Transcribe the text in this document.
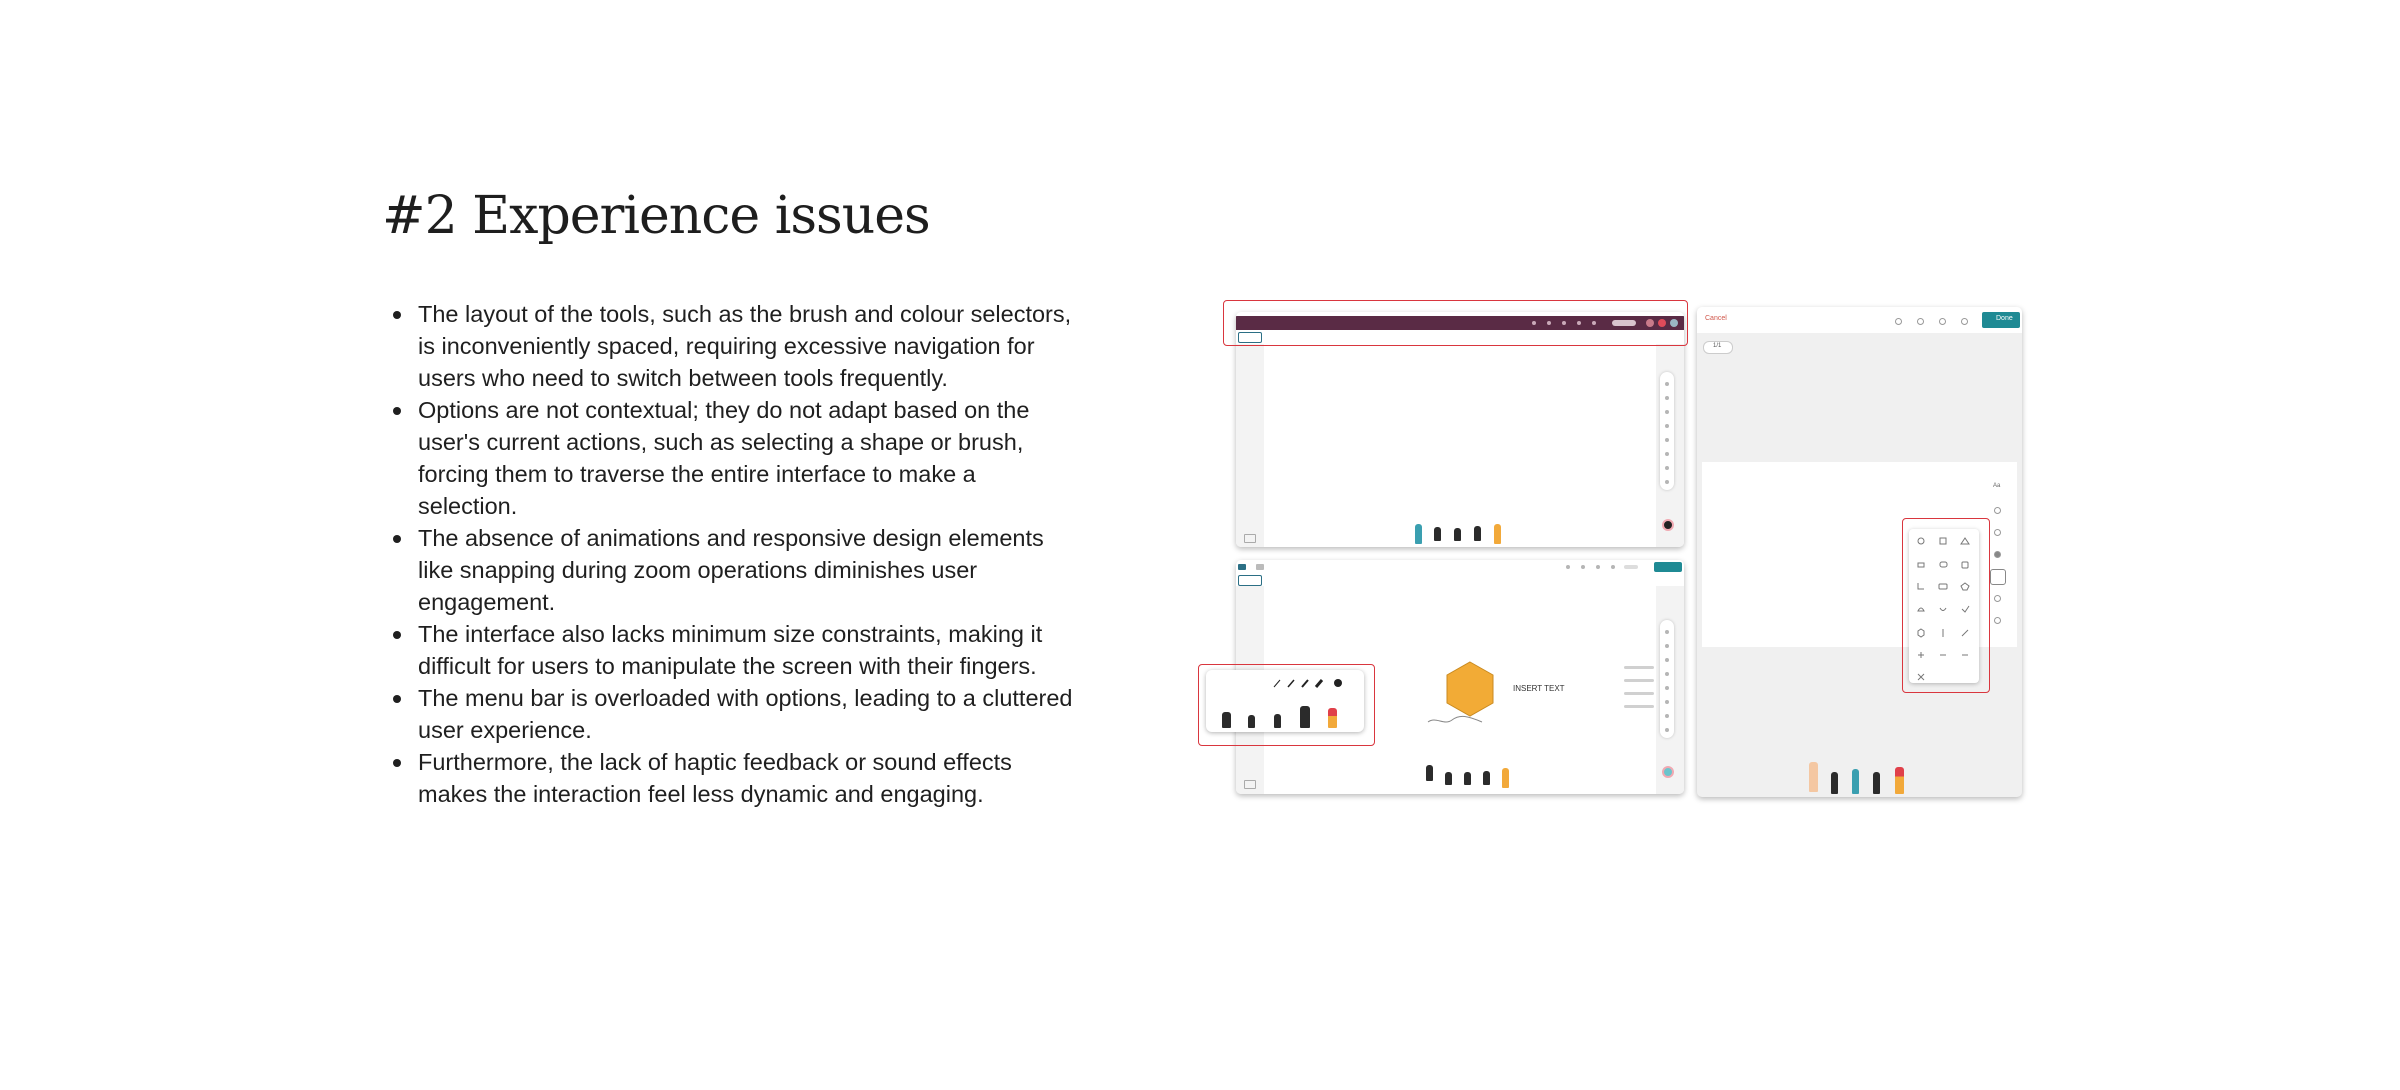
#2 Experience issues
The layout of the tools, such as the brush and colour selectors, is inconveniently spaced, requiring excessive navigation for users who need to switch between tools frequently.
Options are not contextual; they do not adapt based on the user's current actions, such as selecting a shape or brush, forcing them to traverse the entire interface to make a selection.
The absence of animations and responsive design elements like snapping during zoom operations diminishes user engagement.
The interface also lacks minimum size constraints, making it difficult for users to manipulate the screen with their fingers.
The menu bar is overloaded with options, leading to a cluttered user experience.
Furthermore, the lack of haptic feedback or sound effects makes the interaction feel less dynamic and engaging.
INSERT TEXT
Cancel	Done
1/1
Aa
